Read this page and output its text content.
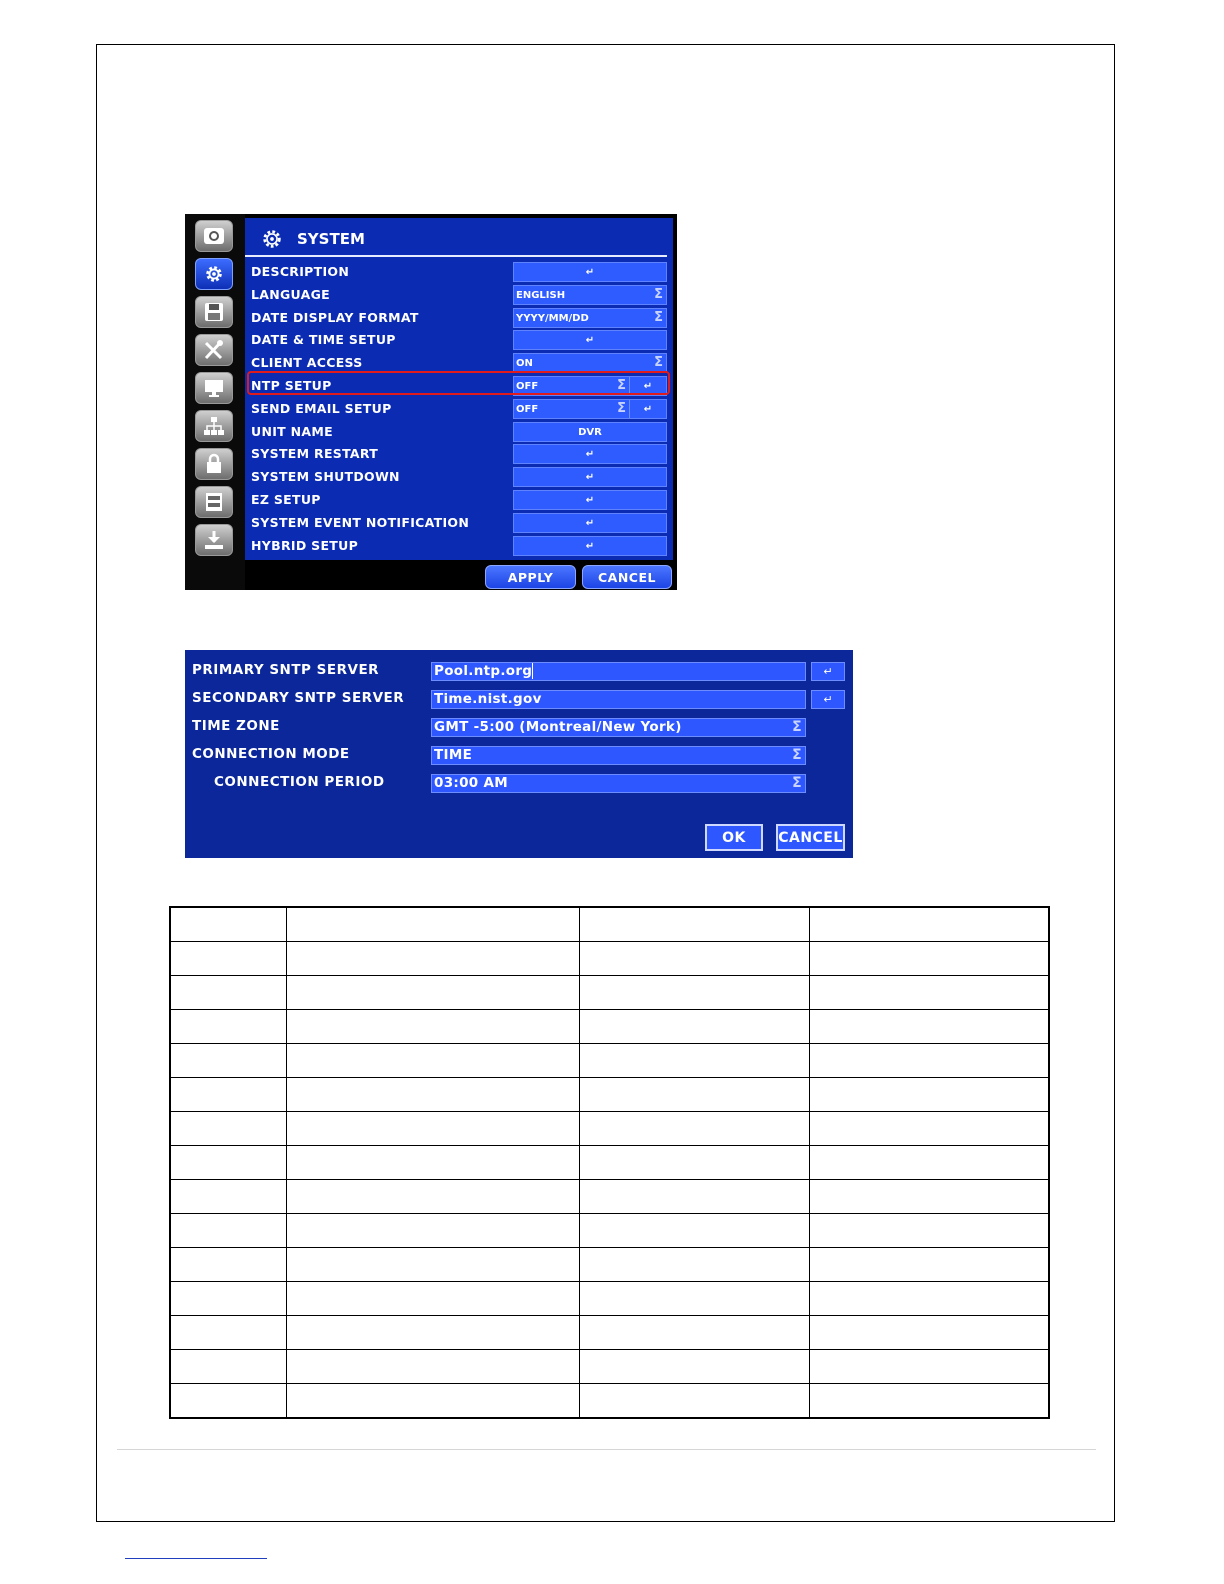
SYSTEM
DESCRIPTION	↵
LANGUAGE	ENGLISH	Σ
DATE DISPLAY FORMAT	YYYY/MM/DD	Σ
DATE & TIME SETUP	↵
CLIENT ACCESS	ON	Σ
NTP SETUP	OFF	Σ	↵
SEND EMAIL SETUP	OFF	Σ	↵
UNIT NAME	DVR
SYSTEM RESTART	↵
SYSTEM SHUTDOWN	↵
EZ SETUP	↵
SYSTEM EVENT NOTIFICATION	↵
HYBRID SETUP	↵
APPLY	CANCEL
PRIMARY SNTP SERVER	Pool.ntp.org	↵
SECONDARY SNTP SERVER Time.nist.gov	↵
TIME ZONE	GMT -5:00 (Montreal/New York)	Σ
CONNECTION MODE	TIME	Σ
CONNECTION PERIOD	03:00 AM	Σ
OK	CANCEL
